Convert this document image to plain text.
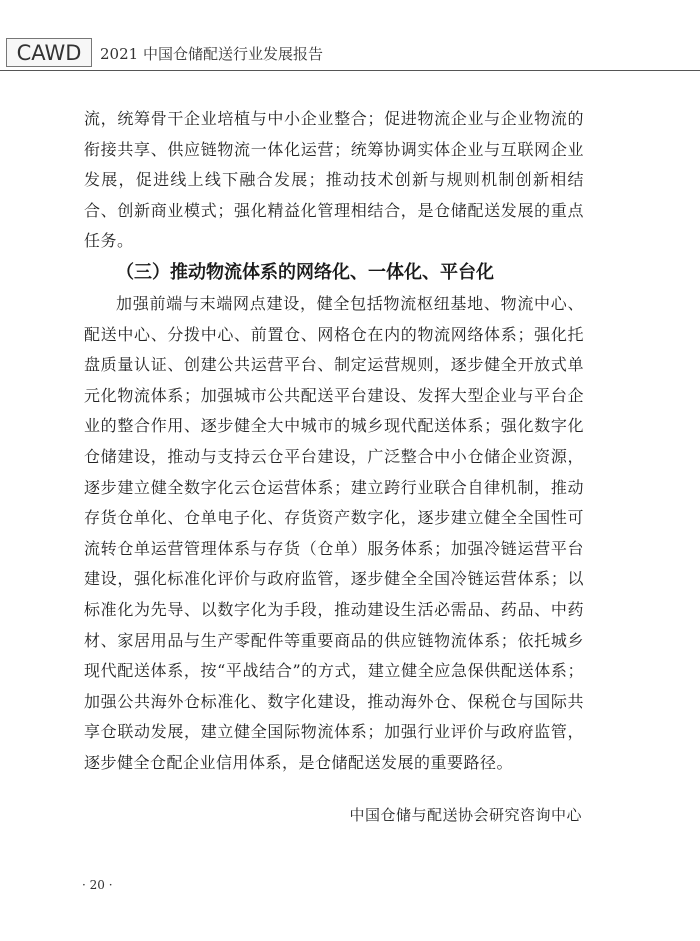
CAWD	2021 中国仓储配送行业发展报告

流，统筹骨干企业培植与中小企业整合；促进物流企业与企业物流的衔接共享、供应链物流一体化运营；统筹协调实体企业与互联网企业发展，促进线上线下融合发展；推动技术创新与规则机制创新相结合、创新商业模式；强化精益化管理相结合，是仓储配送发展的重点任务。

（三）推动物流体系的网络化、一体化、平台化

加强前端与末端网点建设，健全包括物流枢纽基地、物流中心、配送中心、分拨中心、前置仓、网格仓在内的物流网络体系；强化托盘质量认证、创建公共运营平台、制定运营规则，逐步健全开放式单元化物流体系；加强城市公共配送平台建设、发挥大型企业与平台企业的整合作用、逐步健全大中城市的城乡现代配送体系；强化数字化仓储建设，推动与支持云仓平台建设，广泛整合中小仓储企业资源，逐步建立健全数字化云仓运营体系；建立跨行业联合自律机制，推动存货仓单化、仓单电子化、存货资产数字化，逐步建立健全全国性可流转仓单运营管理体系与存货（仓单）服务体系；加强冷链运营平台建设，强化标准化评价与政府监管，逐步健全全国冷链运营体系；以标准化为先导、以数字化为手段，推动建设生活必需品、药品、中药材、家居用品与生产零配件等重要商品的供应链物流体系；依托城乡现代配送体系，按“平战结合”的方式，建立健全应急保供配送体系；加强公共海外仓标准化、数字化建设，推动海外仓、保税仓与国际共享仓联动发展，建立健全国际物流体系；加强行业评价与政府监管，逐步健全仓配企业信用体系，是仓储配送发展的重要路径。

中国仓储与配送协会研究咨询中心
· 20 ·
